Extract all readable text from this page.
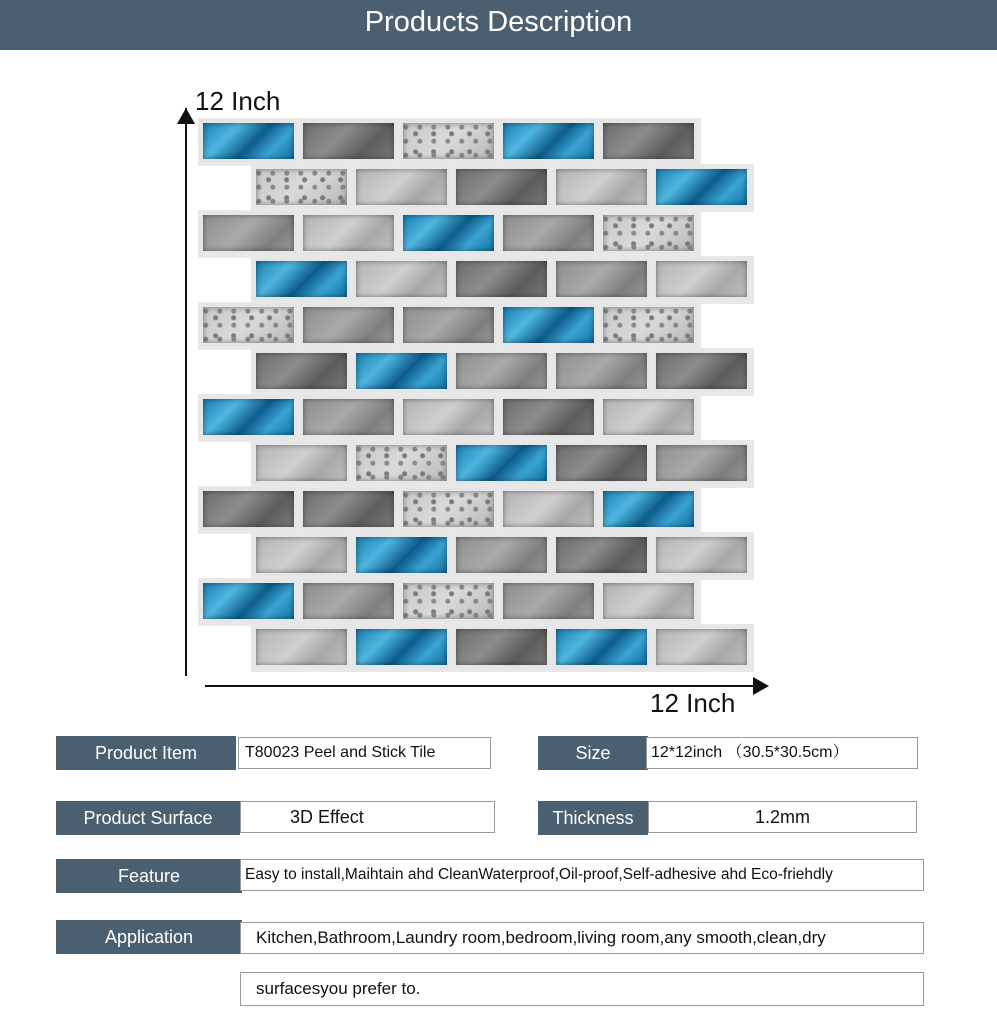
Products Description
12 Inch
12 Inch
Product Item	T80023 Peel and Stick Tile	Size	12*12inch （30.5*30.5cm）
Product Surface	3D Effect	Thickness	1.2mm
Feature	Easy to install,Maihtain ahd CleanWaterproof,Oil-proof,Self-adhesive ahd Eco-friehdly
Application	Kitchen,Bathroom,Laundry room,bedroom,living room,any smooth,clean,dry
surfacesyou prefer to.
